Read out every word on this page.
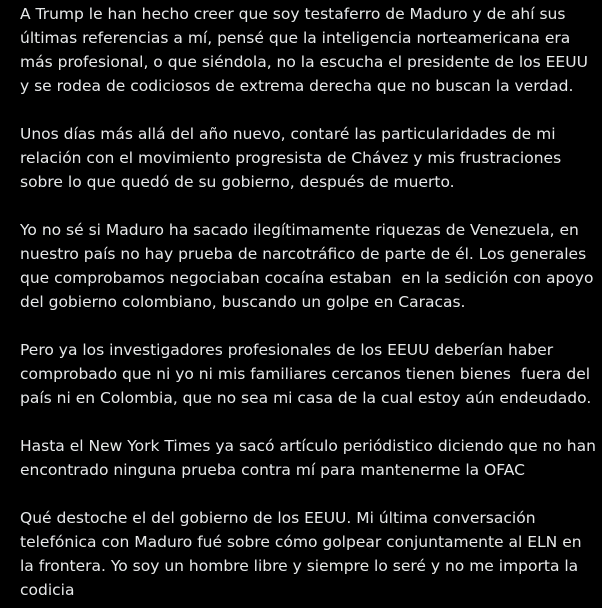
A Trump le han hecho creer que soy testaferro de Maduro y de ahí sus últimas referencias a mí, pensé que la inteligencia norteamericana era más profesional, o que siéndola, no la escucha el presidente de los EEUU y se rodea de codiciosos de extrema derecha que no buscan la verdad.

Unos días más allá del año nuevo, contaré las particularidades de mi relación con el movimiento progresista de Chávez y mis frustraciones sobre lo que quedó de su gobierno, después de muerto.

Yo no sé si Maduro ha sacado ilegítimamente riquezas de Venezuela, en nuestro país no hay prueba de narcotráfico de parte de él. Los generales que comprobamos negociaban cocaína estaban  en la sedición con apoyo del gobierno colombiano, buscando un golpe en Caracas.

Pero ya los investigadores profesionales de los EEUU deberían haber comprobado que ni yo ni mis familiares cercanos tienen bienes  fuera del país ni en Colombia, que no sea mi casa de la cual estoy aún endeudado.

Hasta el New York Times ya sacó artículo periódistico diciendo que no han encontrado ninguna prueba contra mí para mantenerme la OFAC

Qué destoche el del gobierno de los EEUU. Mi última conversación telefónica con Maduro fué sobre cómo golpear conjuntamente al ELN en la frontera. Yo soy un hombre libre y siempre lo seré y no me importa la codicia
